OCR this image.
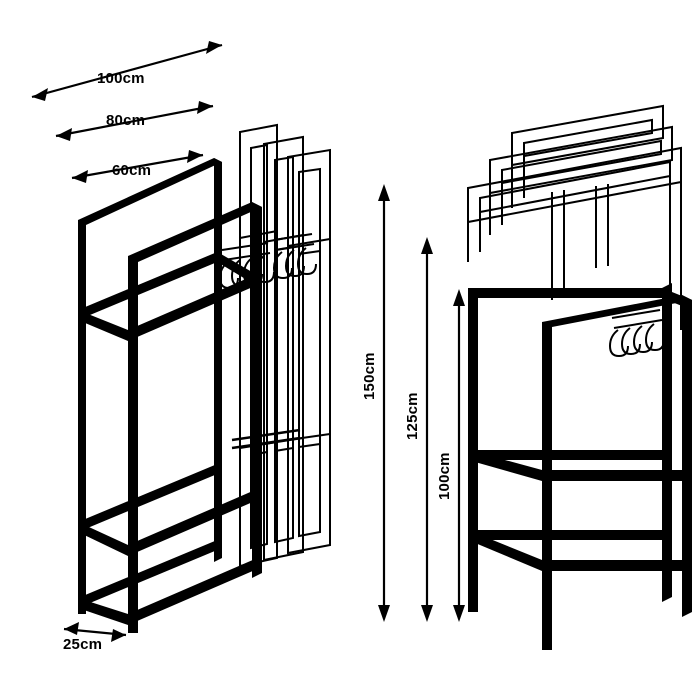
100cm
80cm
60cm
25cm
150cm
125cm
100cm
